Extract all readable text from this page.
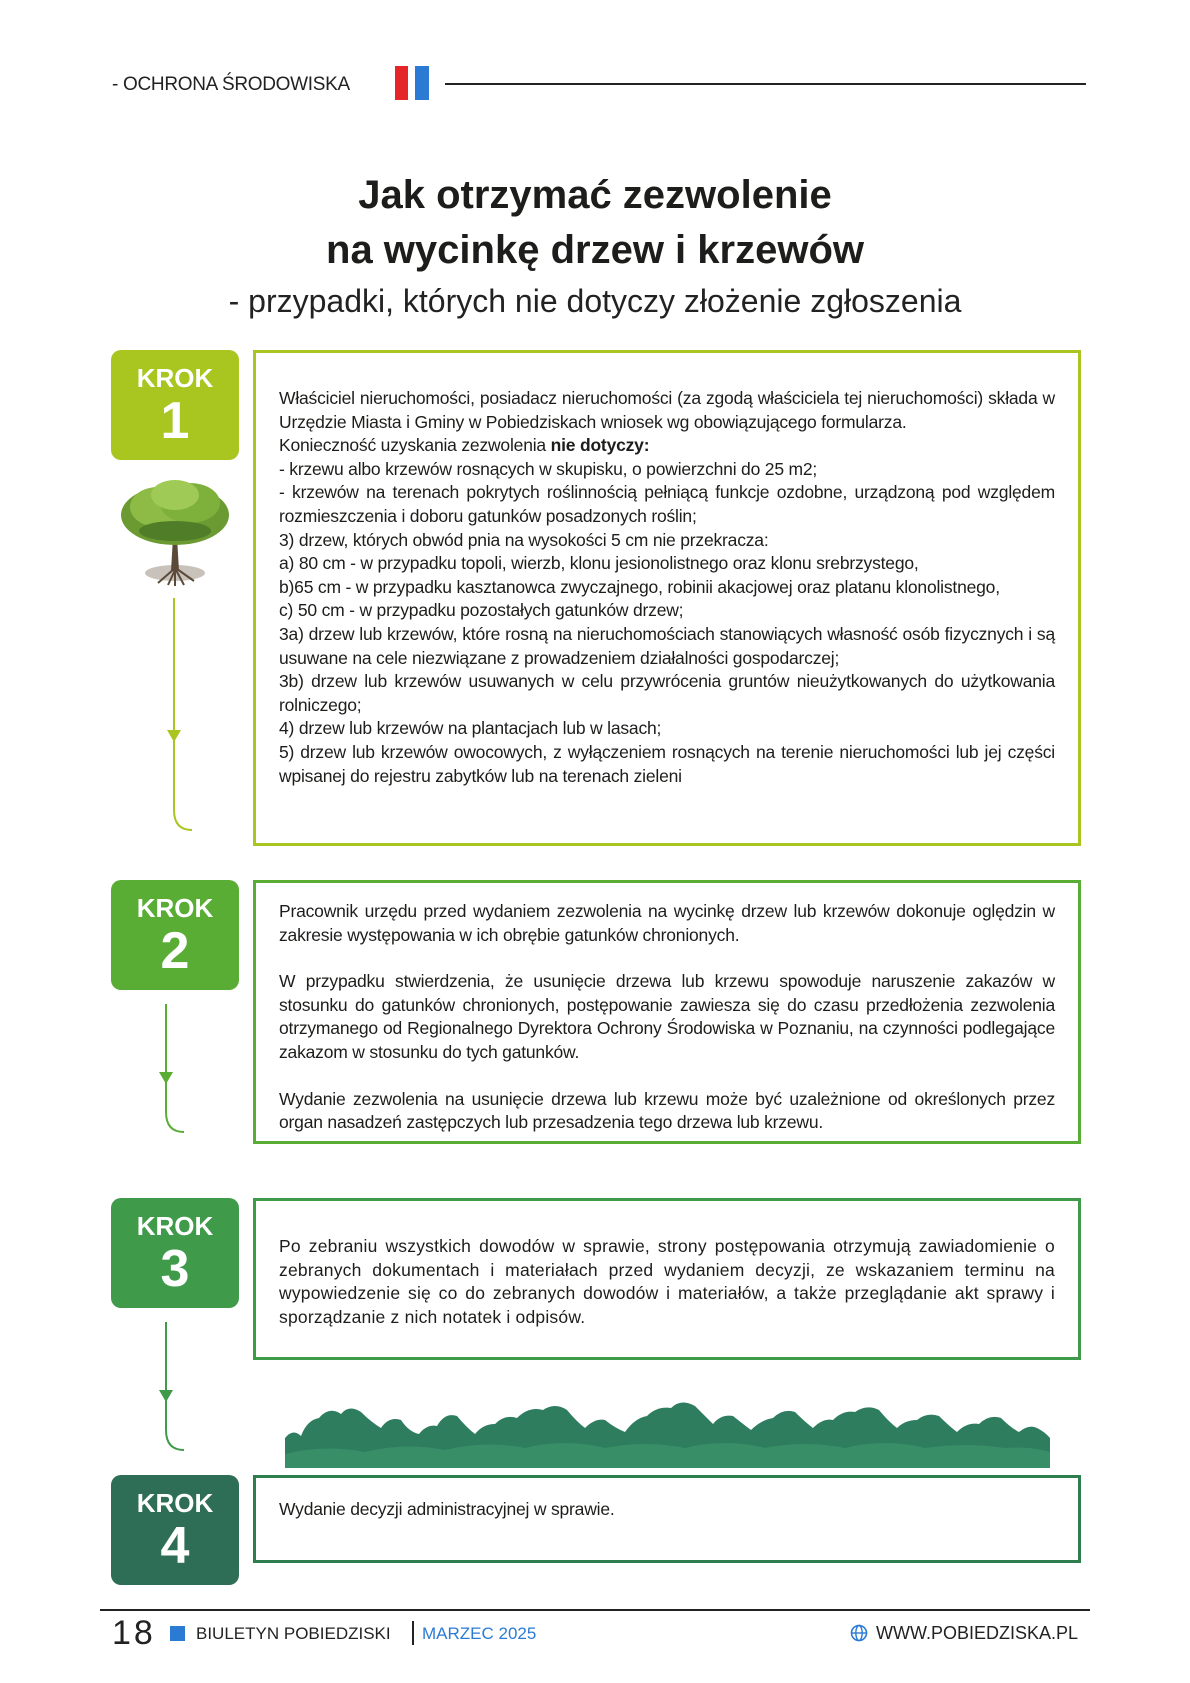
- OCHRONA ŚRODOWISKA
Jak otrzymać zezwolenie
na wycinkę drzew i krzewów
- przypadki, których nie dotyczy złożenie zgłoszenia
KROK
1	Właściciel nieruchomości, posiadacz nieruchomości (za zgodą właściciela tej nieruchomości) składa w Urzędzie Miasta i Gminy w Pobiedziskach wniosek wg obowiązującego formularza.

Konieczność uzyskania zezwolenia nie dotyczy:

- krzewu albo krzewów rosnących w skupisku, o powierzchni do 25 m2;

- krzewów na terenach pokrytych roślinnością pełniącą funkcje ozdobne, urządzoną pod względem rozmieszczenia i doboru gatunków posadzonych roślin;

3) drzew, których obwód pnia na wysokości 5 cm nie przekracza:

a) 80 cm - w przypadku topoli, wierzb, klonu jesionolistnego oraz klonu srebrzystego,

b)65 cm - w przypadku kasztanowca zwyczajnego, robinii akacjowej oraz platanu klonolistnego,

c) 50 cm - w przypadku pozostałych gatunków drzew;

3a) drzew lub krzewów, które rosną na nieruchomościach stanowiących własność osób fizycznych i są usuwane na cele niezwiązane z prowadzeniem działalności gospodarczej;

3b) drzew lub krzewów usuwanych w celu przywrócenia gruntów nieużytkowanych do użytkowania rolniczego;

4) drzew lub krzewów na plantacjach lub w lasach;

5) drzew lub krzewów owocowych, z wyłączeniem rosnących na terenie nieruchomości lub jej części wpisanej do rejestru zabytków lub na terenach zieleni

KROK
2

Pracownik urzędu przed wydaniem zezwolenia na wycinkę drzew lub krzewów dokonuje oględzin w zakresie występowania w ich obrębie gatunków chronionych.

W przypadku stwierdzenia, że usunięcie drzewa lub krzewu spowoduje naruszenie zakazów w stosunku do gatunków chronionych, postępowanie zawiesza się do czasu przedłożenia zezwolenia otrzymanego od Regionalnego Dyrektora Ochrony Środowiska w Poznaniu, na czynności podlegające zakazom w stosunku do tych gatunków.

Wydanie zezwolenia na usunięcie drzewa lub krzewu może być uzależnione od określonych przez organ nasadzeń zastępczych lub przesadzenia tego drzewa lub krzewu.

KROK
3	Po zebraniu wszystkich dowodów w sprawie, strony postępowania otrzymują zawiadomienie o zebranych dokumentach i materiałach przed wydaniem decyzji, ze wskazaniem terminu na wypowiedzenie się co do zebranych dowodów i materiałów, a także przeglądanie akt sprawy i sporządzanie z nich notatek i odpisów.

KROK
4

Wydanie decyzji administracyjnej w sprawie.

18 BIULETYN POBIEDZISKI MARZEC 2025	WWW.POBIEDZISKA.PL
